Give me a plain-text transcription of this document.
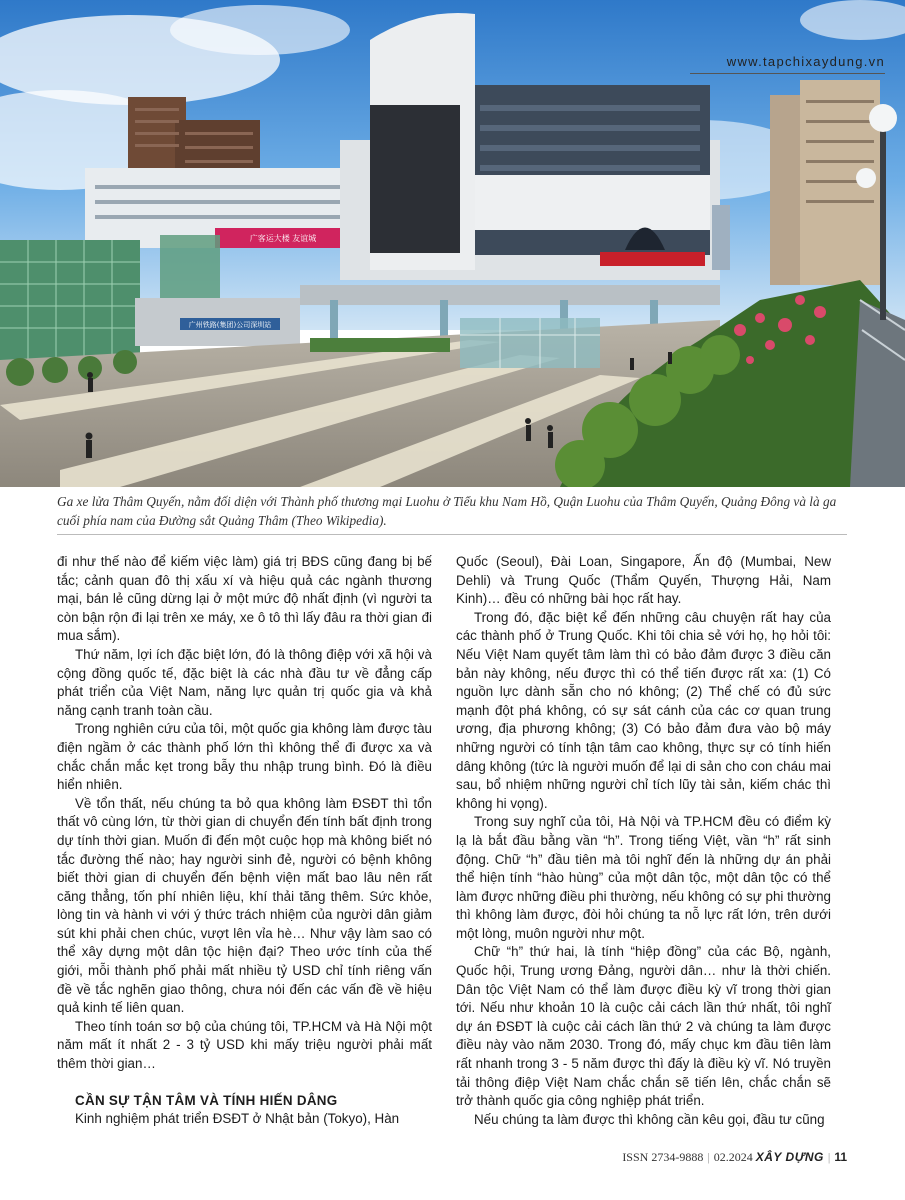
广州铁路(集团)公司深圳站
广客运大楼 友谊城
www.tapchixaydung.vn
Ga xe lửa Thâm Quyến, nằm đối diện với Thành phố thương mại Luohu ở Tiểu khu Nam Hồ, Quận Luohu của Thâm Quyến, Quảng Đông và là ga cuối phía nam của Đường sắt Quảng Thâm (Theo Wikipedia).

đi như thế nào để kiếm việc làm) giá trị BĐS cũng đang bị bế tắc; cảnh quan đô thị xấu xí và hiệu quả các ngành thương mại, bán lẻ cũng dừng lại ở một mức độ nhất định (vì người ta còn bận rộn đi lại trên xe máy, xe ô tô thì lấy đâu ra thời gian đi mua sắm).

Thứ năm, lợi ích đặc biệt lớn, đó là thông điệp với xã hội và cộng đồng quốc tế, đặc biệt là các nhà đầu tư về đẳng cấp phát triển của Việt Nam, năng lực quản trị quốc gia và khả năng cạnh tranh toàn cầu.

Trong nghiên cứu của tôi, một quốc gia không làm được tàu điện ngầm ở các thành phố lớn thì không thể đi được xa và chắc chắn mắc kẹt trong bẫy thu nhập trung bình. Đó là điều hiển nhiên.

Về tổn thất, nếu chúng ta bỏ qua không làm ĐSĐT thì tổn thất vô cùng lớn, từ thời gian di chuyển đến tính bất định trong dự tính thời gian. Muốn đi đến một cuộc họp mà không biết nó tắc đường thế nào; hay người sinh đẻ, người có bệnh không biết thời gian di chuyển đến bệnh viện mất bao lâu nên rất căng thẳng, tốn phí nhiên liệu, khí thải tăng thêm. Sức khỏe, lòng tin và hành vi với ý thức trách nhiệm của người dân giảm sút khi phải chen chúc, vượt lên vỉa hè… Như vậy làm sao có thể xây dựng một dân tộc hiện đại? Theo ước tính của thế giới, mỗi thành phố phải mất nhiều tỷ USD chỉ tính riêng vấn đề về tắc nghẽn giao thông, chưa nói đến các vấn đề về hiệu quả kinh tế liên quan.

Theo tính toán sơ bộ của chúng tôi, TP.HCM và Hà Nội một năm mất ít nhất 2 - 3 tỷ USD khi mấy triệu người phải mất thêm thời gian…

CẦN SỰ TẬN TÂM VÀ TÍNH HIẾN DÂNG

Kinh nghiệm phát triển ĐSĐT ở Nhật bản (Tokyo), Hàn

Quốc (Seoul), Đài Loan, Singapore, Ấn độ (Mumbai, New Dehli) và Trung Quốc (Thẩm Quyến, Thượng Hải, Nam Kinh)… đều có những bài học rất hay.

Trong đó, đặc biệt kể đến những câu chuyện rất hay của các thành phố ở Trung Quốc. Khi tôi chia sẻ với họ, họ hỏi tôi: Nếu Việt Nam quyết tâm làm thì có bảo đảm được 3 điều căn bản này không, nếu được thì có thể tiến được rất xa: (1) Có nguồn lực dành sẵn cho nó không; (2) Thể chế có đủ sức mạnh đột phá không, có sự sát cánh của các cơ quan trung ương, địa phương không; (3) Có bảo đảm đưa vào bộ máy những người có tính tận tâm cao không, thực sự có tính hiến dâng không (tức là người muốn để lại di sản cho con cháu mai sau, bổ nhiệm những người chỉ tích lũy tài sản, kiếm chác thì không hi vọng).

Trong suy nghĩ của tôi, Hà Nội và TP.HCM đều có điểm kỳ lạ là bắt đầu bằng vần “h”. Trong tiếng Việt, vần “h” rất sinh động. Chữ “h” đầu tiên mà tôi nghĩ đến là những dự án phải thể hiện tính “hào hùng” của một dân tộc, một dân tộc có thể làm được những điều phi thường, nếu không có sự phi thường thì không làm được, đòi hỏi chúng ta nỗ lực rất lớn, trên dưới một lòng, muôn người như một.

Chữ “h” thứ hai, là tính “hiệp đồng” của các Bộ, ngành, Quốc hội, Trung ương Đảng, người dân… như là thời chiến. Dân tộc Việt Nam có thể làm được điều kỳ vĩ trong thời gian tới. Nếu như khoản 10 là cuộc cải cách lần thứ nhất, tôi nghĩ dự án ĐSĐT là cuộc cải cách lần thứ 2 và chúng ta làm được điều này vào năm 2030. Trong đó, mấy chục km đầu tiên làm rất nhanh trong 3 - 5 năm được thì đấy là điều kỳ vĩ. Nó truyền tải thông điệp Việt Nam chắc chắn sẽ tiến lên, chắc chắn sẽ trở thành quốc gia công nghiệp phát triển.

Nếu chúng ta làm được thì không cần kêu gọi, đầu tư cũng

ISSN 2734-9888 | 02.2024 XÂY DỰNG | 11
